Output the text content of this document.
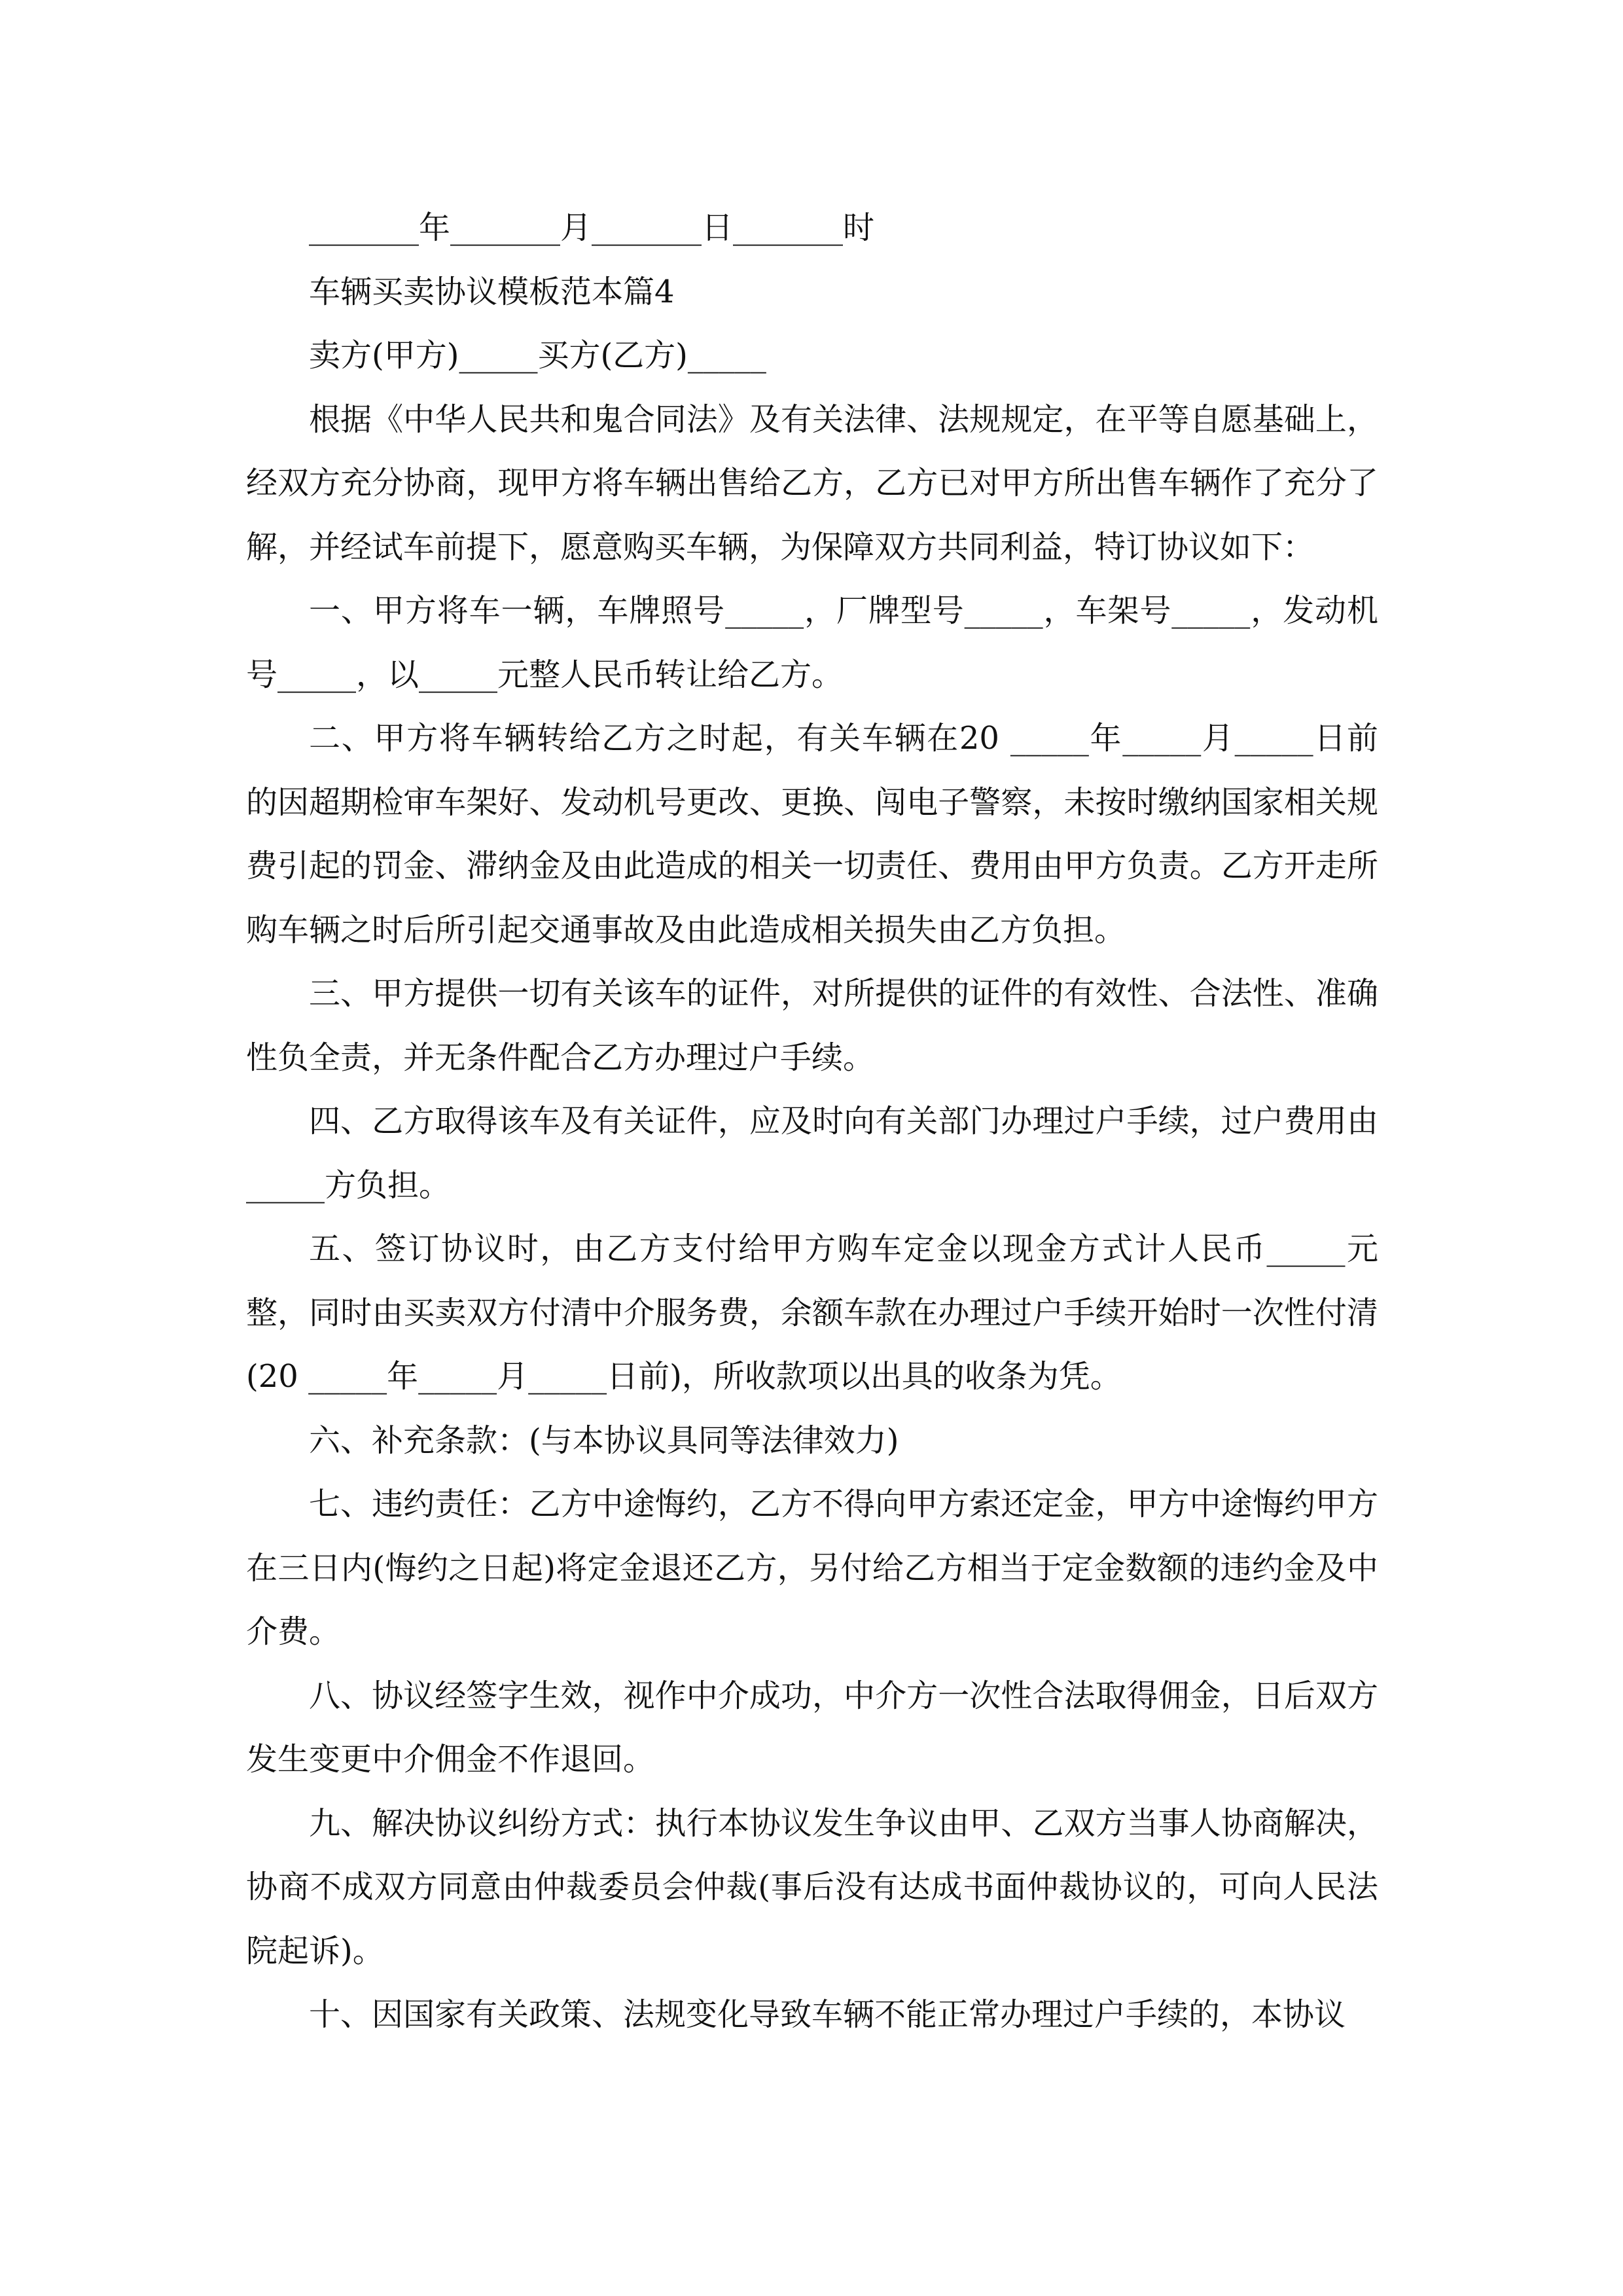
_______年_______月_______日_______时

车辆买卖协议模板范本篇4

卖方(甲方)_____买方(乙方)_____

根据《中华人民共和鬼合同法》及有关法律、法规规定，在平等自愿基础上，经双方充分协商，现甲方将车辆出售给乙方，乙方已对甲方所出售车辆作了充分了解，并经试车前提下，愿意购买车辆，为保障双方共同利益，特订协议如下：

一、甲方将车一辆，车牌照号_____，厂牌型号_____，车架号_____，发动机号_____，以_____元整人民币转让给乙方。

二、甲方将车辆转给乙方之时起，有关车辆在20 _____年_____月_____日前的因超期检审车架好、发动机号更改、更换、闯电子警察，未按时缴纳国家相关规费引起的罚金、滞纳金及由此造成的相关一切责任、费用由甲方负责。乙方开走所购车辆之时后所引起交通事故及由此造成相关损失由乙方负担。

三、甲方提供一切有关该车的证件，对所提供的证件的有效性、合法性、准确性负全责，并无条件配合乙方办理过户手续。

四、乙方取得该车及有关证件，应及时向有关部门办理过户手续，过户费用由_____方负担。

五、签订协议时，由乙方支付给甲方购车定金以现金方式计人民币_____元整，同时由买卖双方付清中介服务费，余额车款在办理过户手续开始时一次性付清(20 _____年_____月_____日前)，所收款项以出具的收条为凭。

六、补充条款：(与本协议具同等法律效力)

七、违约责任：乙方中途悔约，乙方不得向甲方索还定金，甲方中途悔约甲方在三日内(悔约之日起)将定金退还乙方，另付给乙方相当于定金数额的违约金及中介费。

八、协议经签字生效，视作中介成功，中介方一次性合法取得佣金，日后双方发生变更中介佣金不作退回。

九、解决协议纠纷方式：执行本协议发生争议由甲、乙双方当事人协商解决，协商不成双方同意由仲裁委员会仲裁(事后没有达成书面仲裁协议的，可向人民法院起诉)。

十、因国家有关政策、法规变化导致车辆不能正常办理过户手续的，本协议
